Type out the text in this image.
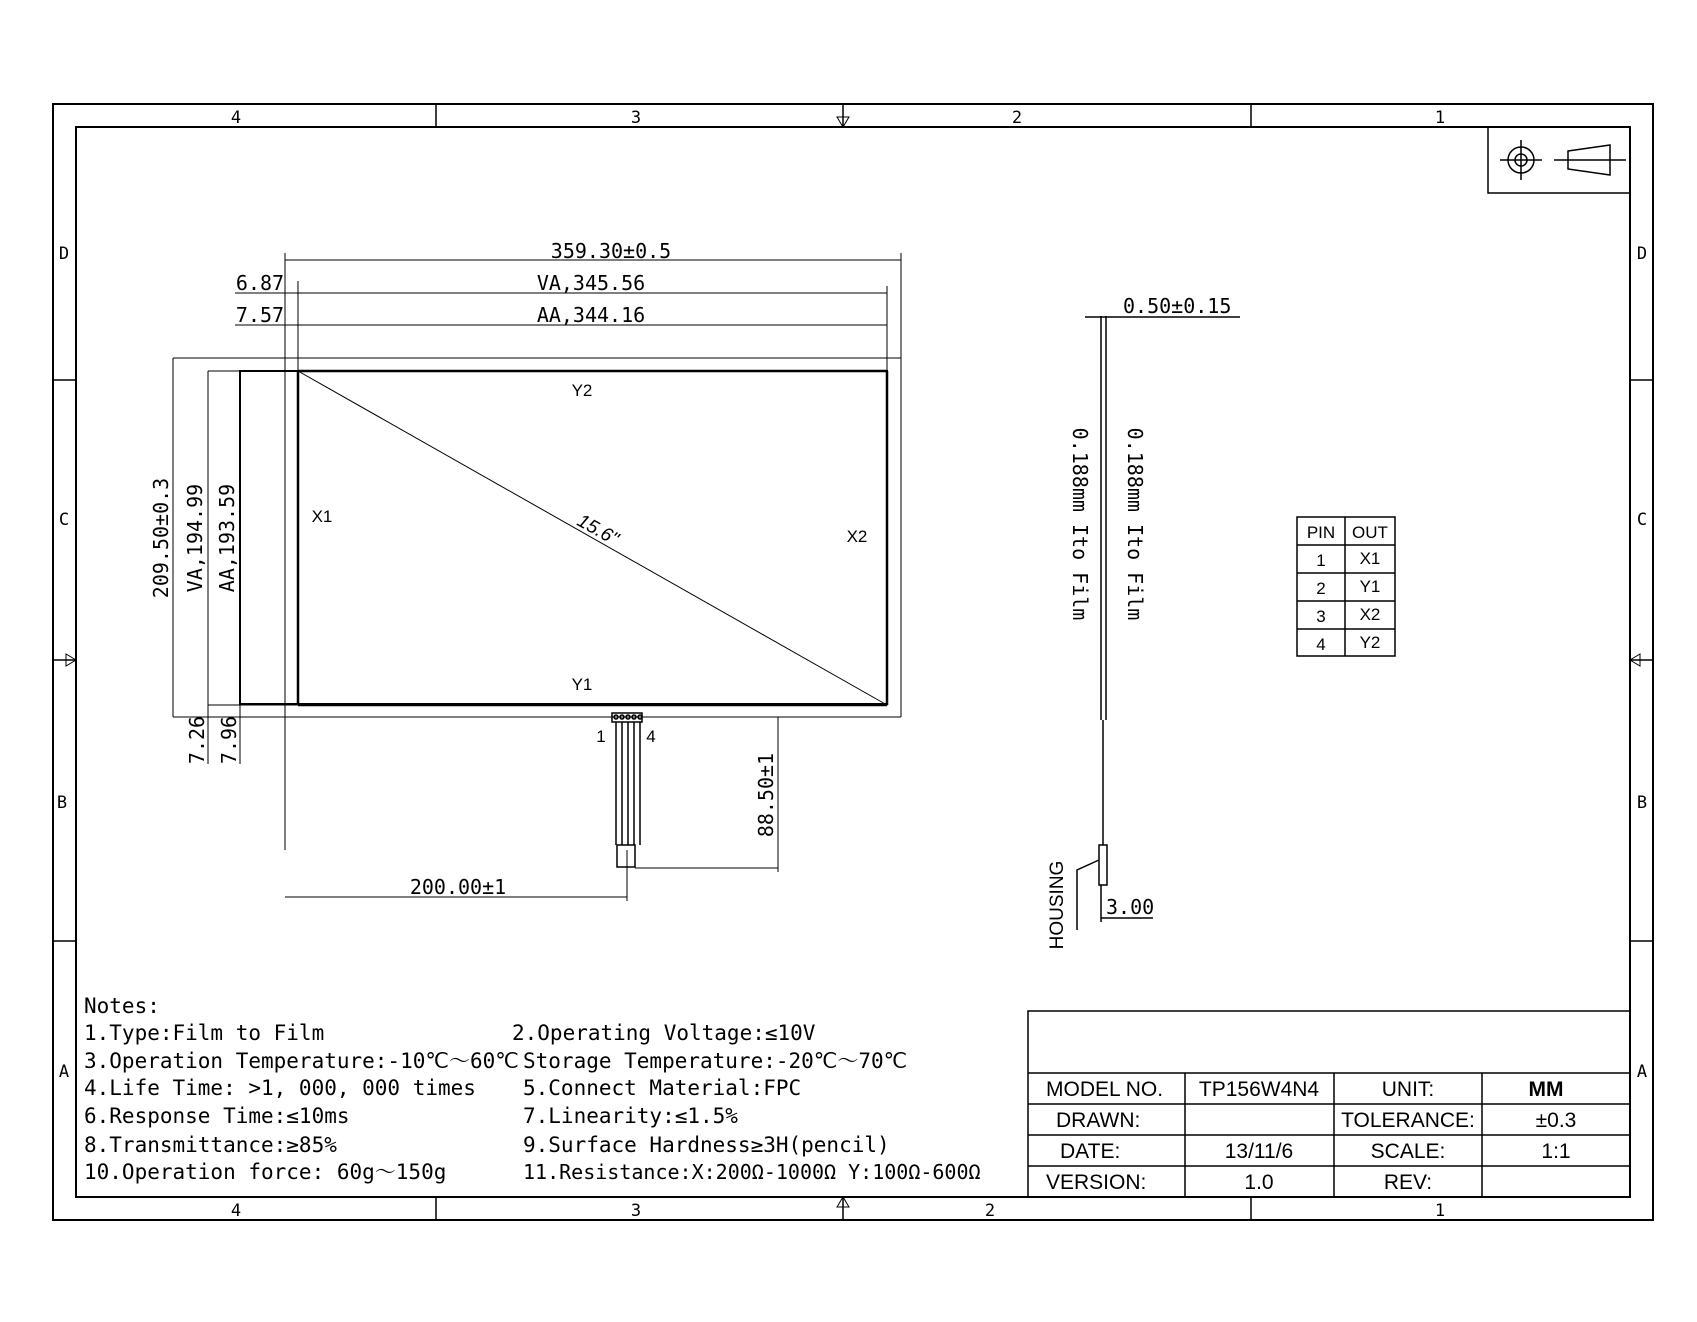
4	3	2	1
4	3	2	1
D
C
B
A
D
C
B
A
Y2
Y1
X1
X2
15.6"
359.30±0.5
VA,345.56
AA,344.16
6.87
7.57
209.50±0.3 VA,194.99 AA,193.59
7.26 7.96	1 4
88.50±1
200.00±1
0.50±0.15
0.188mm Ito Film 0.188mm Ito Film
HOUSING 3.00
PIN OUT
1 X1
2 Y1
3 X2
4 Y2
Notes:
1.Type:Film to Film	2.Operating Voltage:≤10V
3.Operation Temperature:-10℃～60℃ Storage Temperature:-20℃～70℃
4.Life Time: >1, 000, 000 times 5.Connect Material:FPC
6.Response Time:≤10ms	7.Linearity:≤1.5%
8.Transmittance:≥85%	9.Surface Hardness≥3H(pencil)
10.Operation force: 60g～150g	11.Resistance:X:200Ω-1000Ω Y:100Ω-600Ω
MODEL NO. TP156W4N4	UNIT:	MM
DRAWN:	TOLERANCE:	±0.3
DATE:	13/11/6	SCALE:	1:1
VERSION:	1.0	REV:
